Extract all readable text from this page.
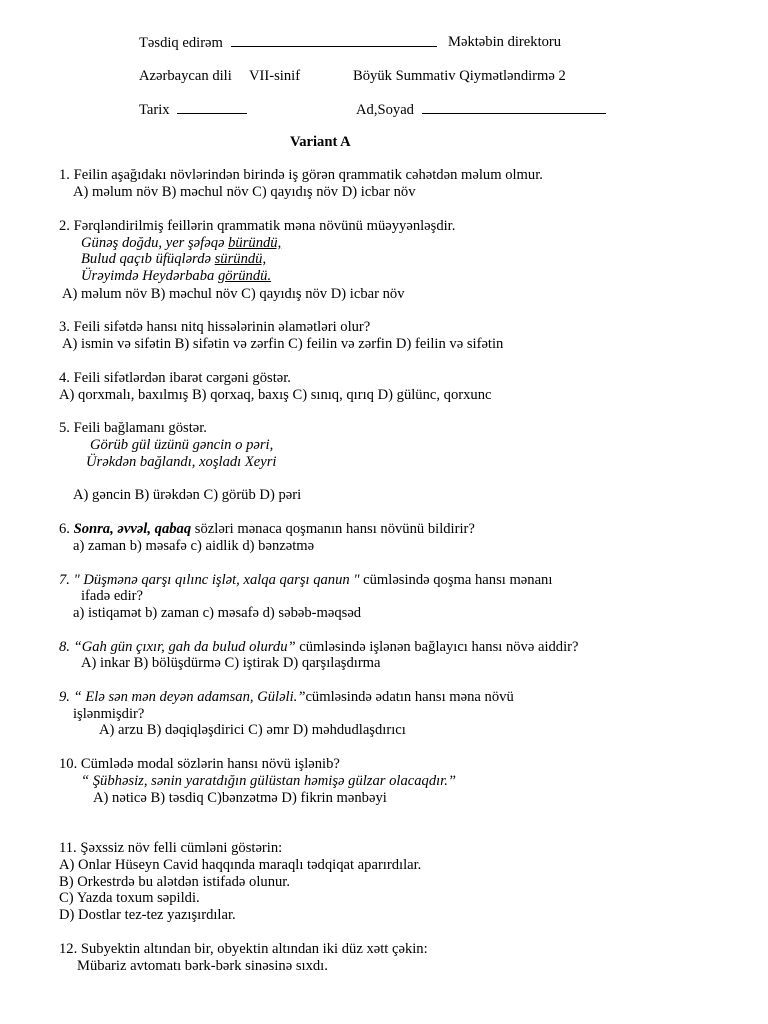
Təsdiq edirəm	Məktəbin direktoru
Azərbaycan dili VII-sinif	Böyük Summativ Qiymətləndirmə 2
Tarix	Ad,Soyad
Variant A
1. Feilin aşağıdakı növlərindən birində iş görən qrammatik cəhətdən məlum olmur.
A) məlum növ B) məchul növ C) qayıdış növ D) icbar növ
2. Fərqləndirilmiş feillərin qrammatik məna növünü müəyyənləşdir.
Günəş doğdu, yer şəfəqə büründü,
Bulud qaçıb üfüqlərdə süründü,
Ürəyimdə Heydərbaba göründü.
A) məlum növ B) məchul növ C) qayıdış növ D) icbar növ
3. Feili sifətdə hansı nitq hissələrinin əlamətləri olur?
A) ismin və sifətin B) sifətin və zərfin C) feilin və zərfin D) feilin və sifətin
4. Feili sifətlərdən ibarət cərgəni göstər.
A) qorxmalı, baxılmış B) qorxaq, baxış C) sınıq, qırıq D) gülünc, qorxunc
5. Feili bağlamanı göstər.
Görüb gül üzünü gəncin o pəri,
Ürəkdən bağlandı, xoşladı Xeyri
A) gəncin B) ürəkdən C) görüb D) pəri
6. Sonra, əvvəl, qabaq sözləri mənaca qoşmanın hansı növünü bildirir?
a) zaman b) məsafə c) aidlik d) bənzətmə
7. " Düşmənə qarşı qılınc işlət, xalqa qarşı qanun " cümləsində qoşma hansı mənanı
ifadə edir?
a) istiqamət b) zaman c) məsafə d) səbəb-məqsəd
8. “Gah gün çıxır, gah da bulud olurdu” cümləsində işlənən bağlayıcı hansı növə aiddir?
A) inkar B) bölüşdürmə C) iştirak D) qarşılaşdırma
9. “ Elə sən mən deyən adamsan, Güləli.”cümləsində ədatın hansı məna növü
işlənmişdir?
A) arzu B) dəqiqləşdirici C) əmr D) məhdudlaşdırıcı
10. Cümlədə modal sözlərin hansı növü işlənib?
“ Şübhəsiz, sənin yaratdığın gülüstan həmişə gülzar olacaqdır.”
A) nəticə B) təsdiq C)bənzətmə D) fikrin mənbəyi
11. Şəxssiz növ felli cümləni göstərin:
A) Onlar Hüseyn Cavid haqqında maraqlı tədqiqat aparırdılar.
B) Orkestrdə bu alətdən istifadə olunur.
C) Yazda toxum səpildi.
D) Dostlar tez-tez yazışırdılar.
12. Subyektin altından bir, obyektin altından iki düz xətt çəkin:
Mübariz avtomatı bərk-bərk sinəsinə sıxdı.
